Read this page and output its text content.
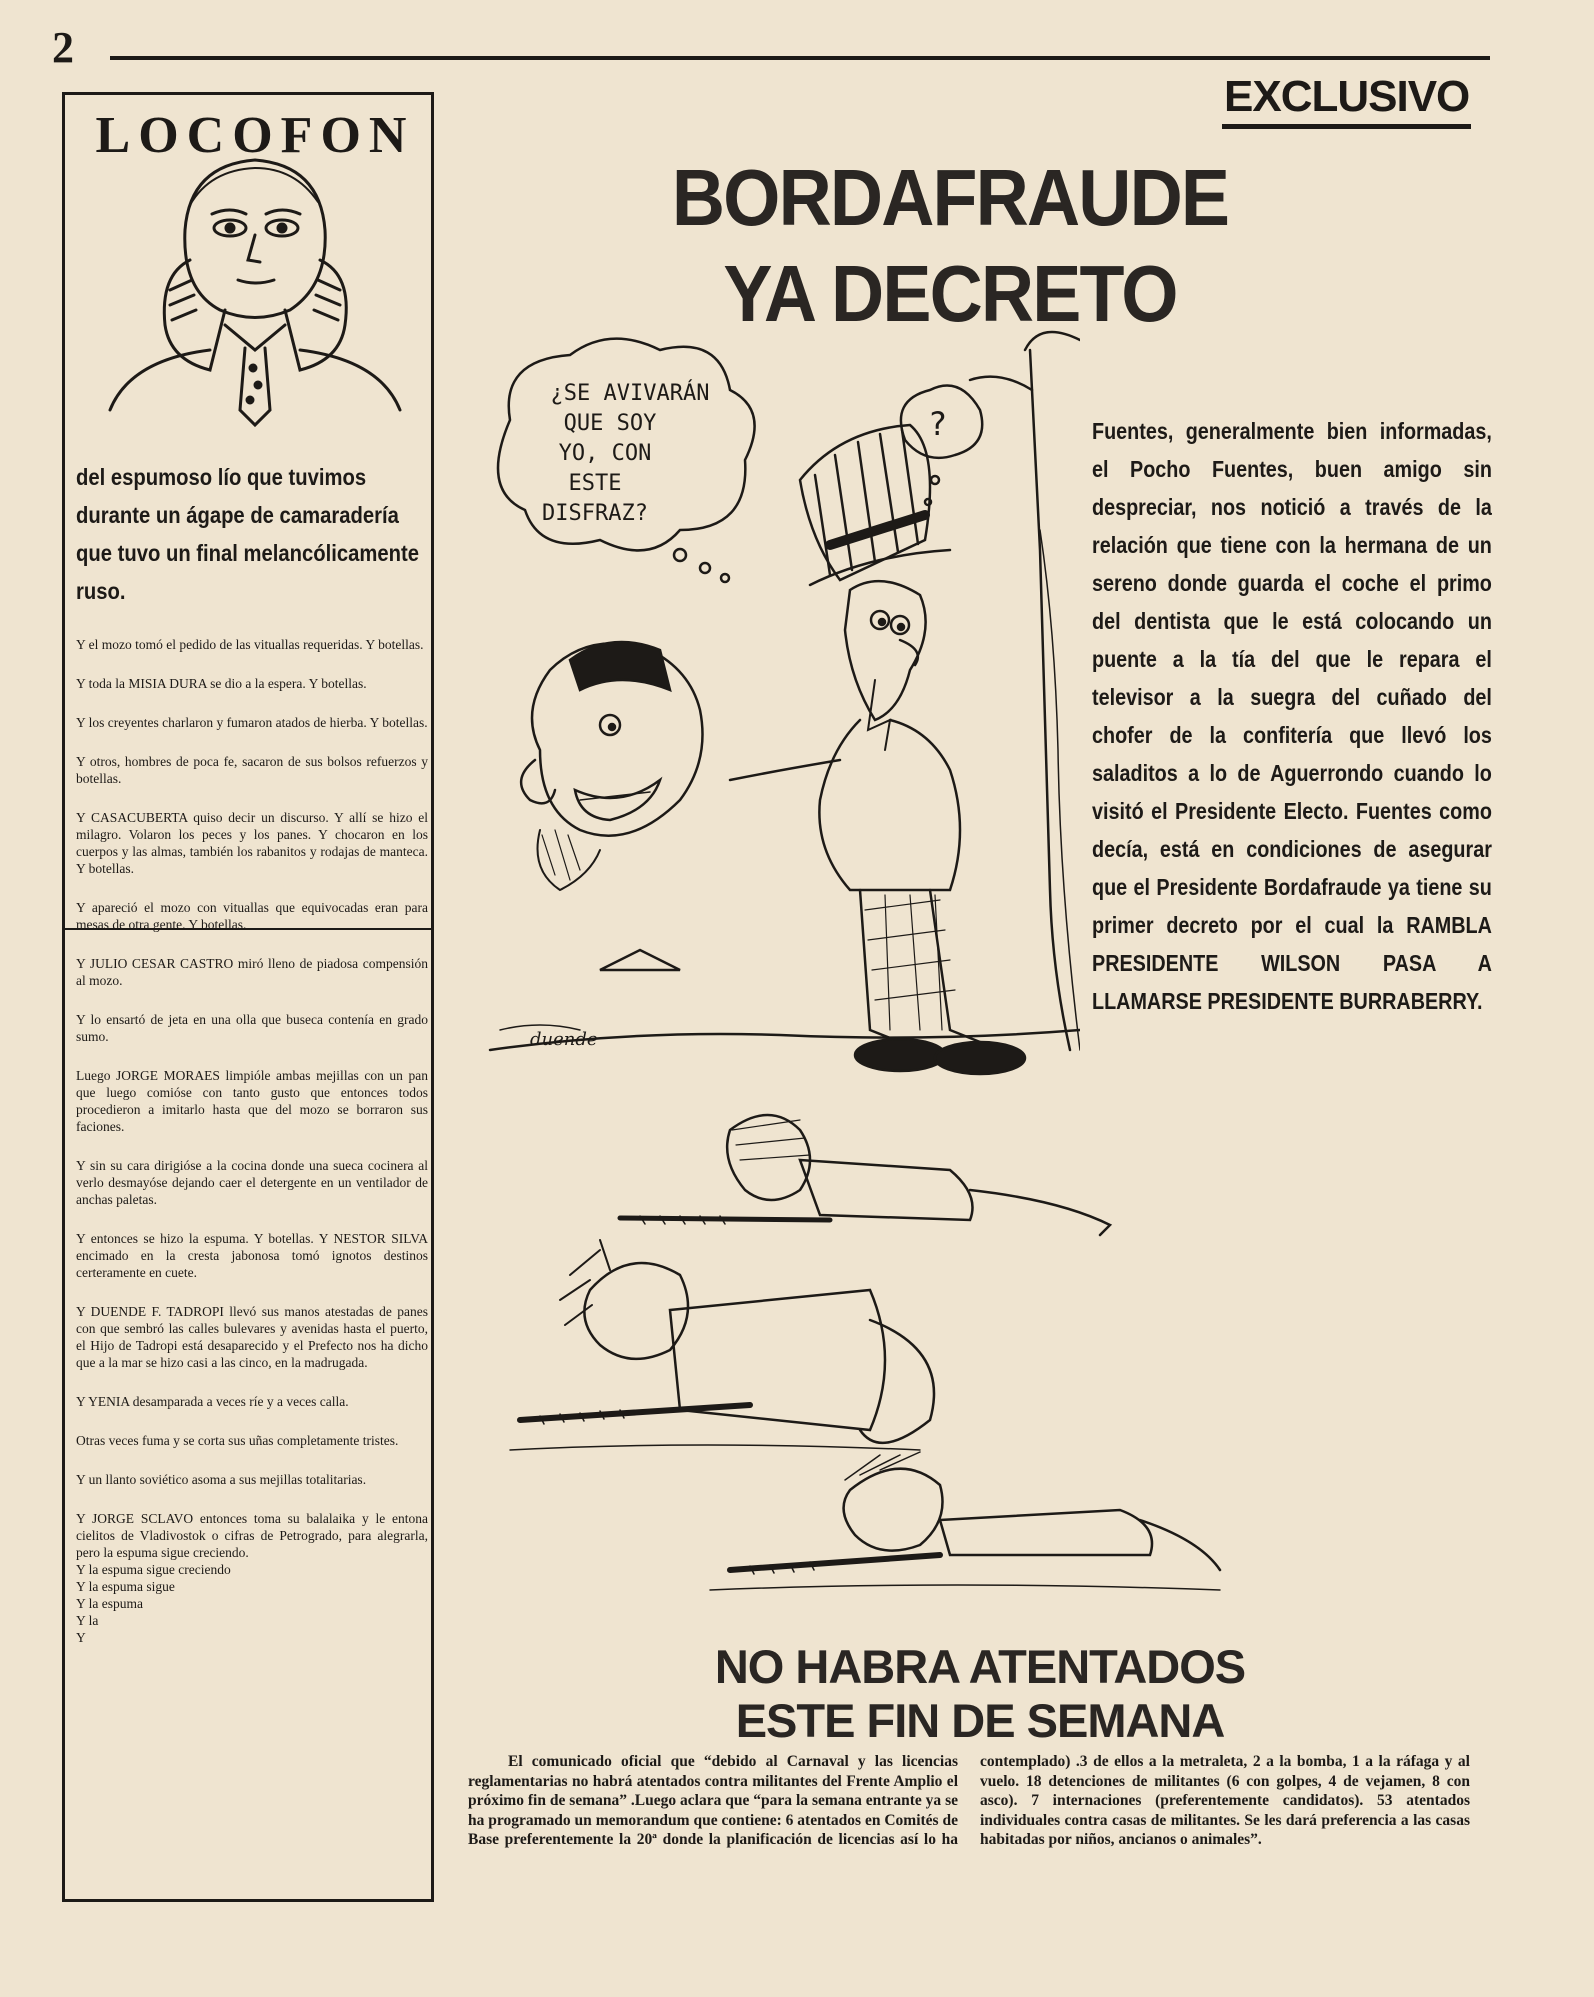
2
EXCLUSIVO
LOCOFON
del espumoso lío que tuvimos durante un ágape de camaradería que tuvo un final melancólicamente ruso.

Y el mozo tomó el pedido de las vituallas requeridas. Y botellas.

Y toda la MISIA DURA se dio a la espera. Y botellas.

Y los creyentes charlaron y fumaron atados de hierba. Y botellas.

Y otros, hombres de poca fe, sacaron de sus bolsos refuerzos y botellas.

Y CASACUBERTA quiso decir un discurso. Y allí se hizo el milagro. Volaron los peces y los panes. Y chocaron en los cuerpos y las almas, también los rabanitos y rodajas de manteca. Y botellas.

Y apareció el mozo con vituallas que equivocadas eran para mesas de otra gente. Y botellas.

Y JULIO CESAR CASTRO miró lleno de piadosa compensión al mozo.

Y lo ensartó de jeta en una olla que buseca contenía en grado sumo.

Luego JORGE MORAES limpióle ambas mejillas con un pan que luego comióse con tanto gusto que entonces todos procedieron a imitarlo hasta que del mozo se borraron sus faciones.

Y sin su cara dirigióse a la cocina donde una sueca cocinera al verlo desmayóse dejando caer el detergente en un ventilador de anchas paletas.

Y entonces se hizo la espuma. Y botellas. Y NESTOR SILVA encimado en la cresta jabonosa tomó ignotos destinos certeramente en cuete.

Y DUENDE F. TADROPI llevó sus manos atestadas de panes con que sembró las calles bulevares y avenidas hasta el puerto, el Hijo de Tadropi está desaparecido y el Prefecto nos ha dicho que a la mar se hizo casi a las cinco, en la madrugada.

Y YENIA desamparada a veces ríe y a veces calla.

Otras veces fuma y se corta sus uñas completamente tristes.

Y un llanto soviético asoma a sus mejillas totalitarias.

Y JORGE SCLAVO entonces toma su balalaika y le entona cielitos de Vladivostok o cifras de Petrogrado, para alegrarla, pero la espuma sigue creciendo.

Y la espuma sigue creciendo

Y la espuma sigue

Y la espuma

Y la

Y

BORDAFRAUDE
YA DECRETO
¿SE AVIVARÁN
QUE SOY
YO, CON
ESTE
DISFRAZ?
?
duende
Fuentes, generalmente bien informadas, el Pocho Fuentes, buen amigo sin despreciar, nos notició a través de la relación que tiene con la hermana de un sereno donde guarda el coche el primo del dentista que le está colocando un puente a la tía del que le repara el televisor a la suegra del cuñado del chofer de la confitería que llevó los saladitos a lo de Aguerrondo cuando lo visitó el Presidente Electo. Fuentes como decía, está en condiciones de asegurar que el Presidente Bordafraude ya tiene su primer decreto por el cual la RAMBLA PRESIDENTE WILSON PASA A LLAMARSE PRESIDENTE BURRABERRY.
NO HABRA ATENTADOS
ESTE FIN DE SEMANA

El comunicado oficial que “debido al Carnaval y las licencias reglamentarias no habrá atentados contra militantes del Frente Amplio el próximo fin de semana” .Luego aclara que “para la semana entrante ya se ha programado un memorandum que contiene: 6 atentados en Comités de Base preferentemente la 20ª donde la planificación de licencias así lo ha contemplado) .3 de ellos a la metraleta, 2 a la bomba, 1 a la ráfaga y al vuelo. 18 detenciones de militantes (6 con golpes, 4 de vejamen, 8 con asco). 7 internaciones (preferentemente candidatos). 53 atentados individuales contra casas de militantes. Se les dará preferencia a las casas habitadas por niños, ancianos o animales”.
